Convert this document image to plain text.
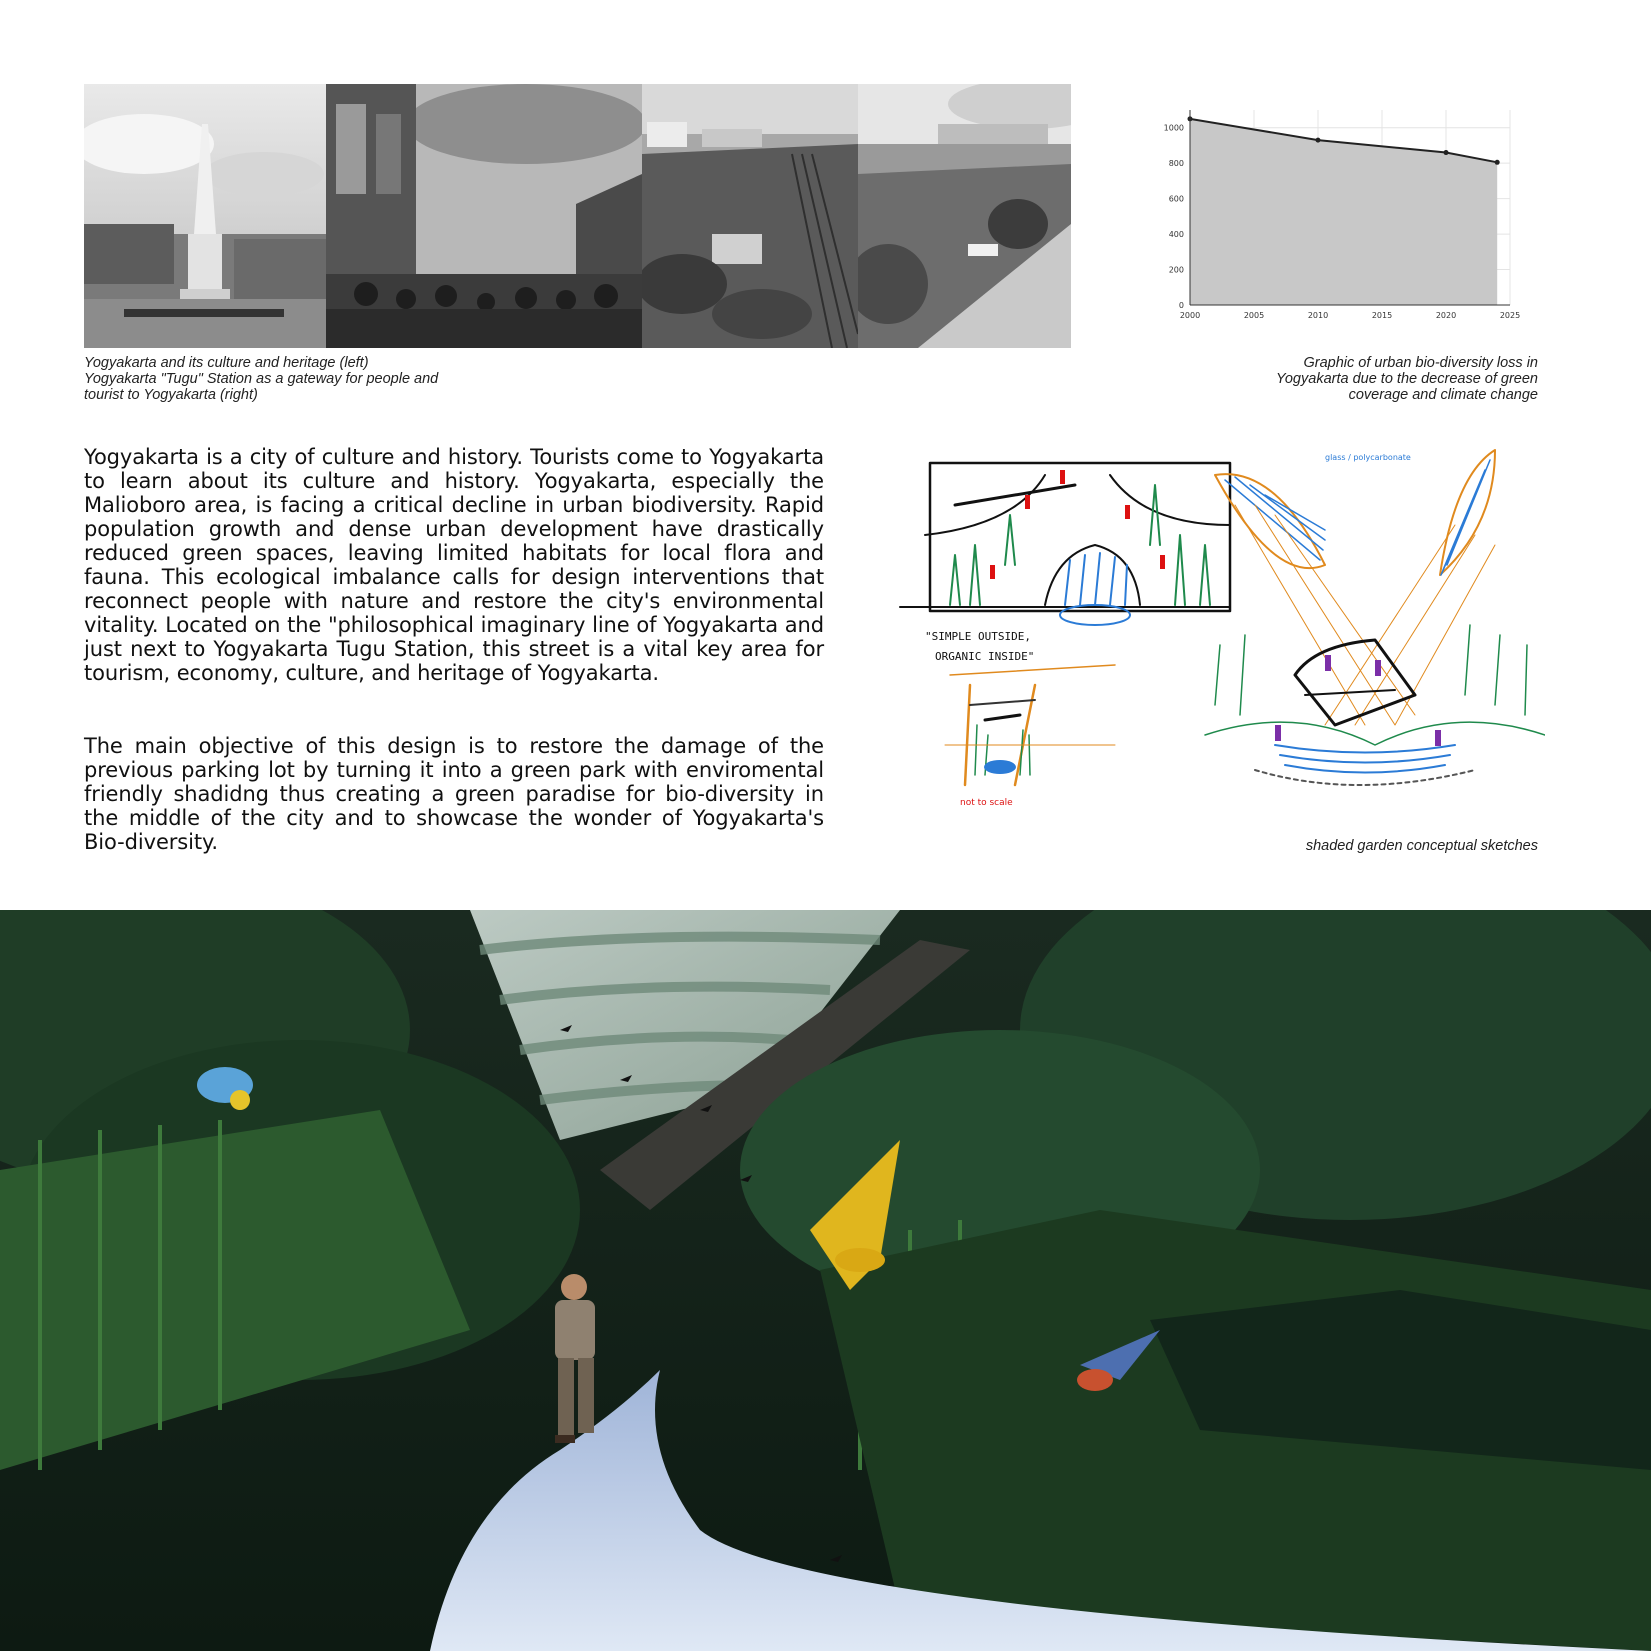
Yogyakarta and its culture and heritage (left)
Yogyakarta "Tugu" Station as a gateway for people and
tourist to Yogyakarta (right)
0
200
400
600
800
1000
2000	2005	2010	2015	2020	2025
Graphic of urban bio-diversity loss in
Yogyakarta due to the decrease of green
coverage and climate change
Yogyakarta is a city of culture and history. Tourists come to Yogyakarta to learn about its culture and history. Yogyakarta, especially the Malioboro area, is facing a critical decline in urban biodiversity. Rapid population growth and dense urban development have drastically reduced green spaces, leaving limited habitats for local flora and fauna. This ecological imbalance calls for design interventions that reconnect people with nature and restore the city's environmental vitality. Located on the "philosophical imaginary line of Yogyakarta and just next to Yogyakarta Tugu Station, this street is a vital key area for tourism, economy, culture, and heritage of Yogyakarta.
The main objective of this design is to restore the damage of the previous parking lot by turning it into a green park with enviromental friendly shadidng thus creating a green paradise for bio-diversity in the middle of the city and to showcase the wonder of Yogyakarta's Bio-diversity.
"SIMPLE OUTSIDE,
ORGANIC INSIDE"
not to scale
glass / polycarbonate
shaded garden conceptual sketches
